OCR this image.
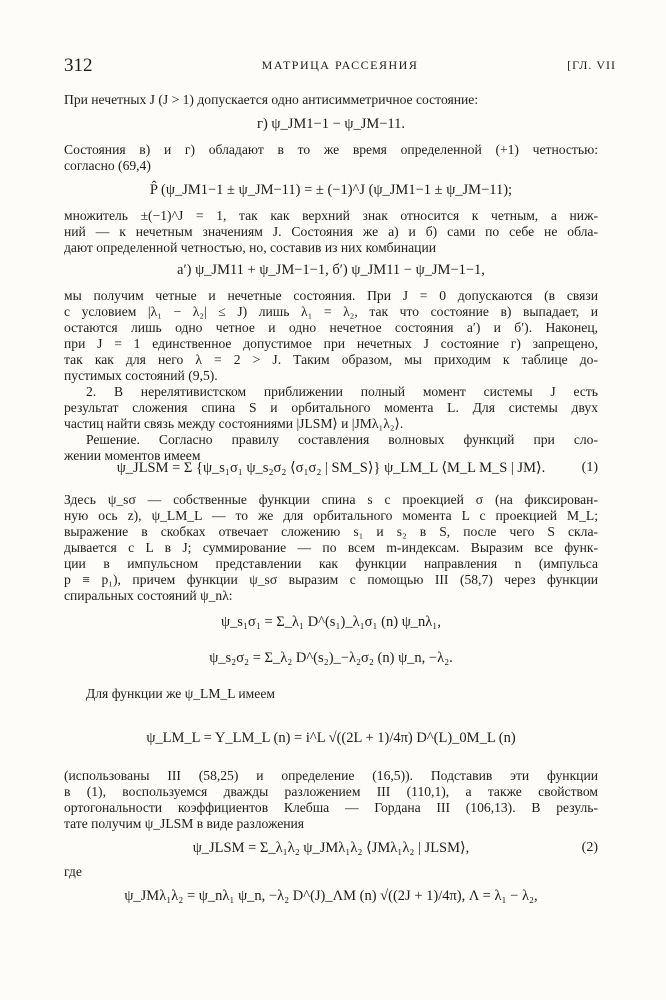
312	МАТРИЦА РАССЕЯНИЯ	[ГЛ. VII
При нечетных J (J > 1) допускается одно антисимметричное состояние:
г) ψ_JM1−1 − ψ_JM−11.
Состояния в) и г) обладают в то же время определенной (+1) четностью:
согласно (69,4)
P̂ (ψ_JM1−1 ± ψ_JM−11) = ± (−1)^J (ψ_JM1−1 ± ψ_JM−11);
множитель ±(−1)^J = 1, так как верхний знак относится к четным, а ниж-
ний — к нечетным значениям J. Состояния же а) и б) сами по себе не обла-
дают определенной четностью, но, составив из них комбинации
а′) ψ_JM11 + ψ_JM−1−1, б′) ψ_JM11 − ψ_JM−1−1,
мы получим четные и нечетные состояния. При J = 0 допускаются (в связи
с условием |λ₁ − λ₂| ≤ J) лишь λ₁ = λ₂, так что состояние в) выпадает, и
остаются лишь одно четное и одно нечетное состояния а′) и б′). Наконец,
при J = 1 единственное допустимое при нечетных J состояние г) запрещено,
так как для него λ = 2 > J. Таким образом, мы приходим к таблице до-
пустимых состояний (9,5).
2. В нерелятивистском приближении полный момент системы J есть
результат сложения спина S и орбитального момента L. Для системы двух
частиц найти связь между состояниями |JLSM⟩ и |JMλ₁λ₂⟩.
Решение. Согласно правилу составления волновых функций при сло-
жении моментов имеем
ψ_JLSM = Σ {ψ_s₁σ₁ ψ_s₂σ₂ ⟨σ₁σ₂ | SM_S⟩} ψ_LM_L ⟨M_L M_S | JM⟩.	(1)
Здесь ψ_sσ — собственные функции спина s с проекцией σ (на фиксирован-
ную ось z), ψ_LM_L — то же для орбитального момента L с проекцией M_L;
выражение в скобках отвечает сложению s₁ и s₂ в S, после чего S скла-
дывается с L в J; суммирование — по всем m-индексам. Выразим все функ-
ции в импульсном представлении как функции направления n (импульса
p ≡ p₁), причем функции ψ_sσ выразим с помощью III (58,7) через функции
спиральных состояний ψ_nλ:
ψ_s₁σ₁ = Σ_λ₁ D^(s₁)_λ₁σ₁ (n) ψ_nλ₁,
ψ_s₂σ₂ = Σ_λ₂ D^(s₂)_−λ₂σ₂ (n) ψ_n, −λ₂.
Для функции же ψ_LM_L имеем
ψ_LM_L = Y_LM_L (n) = i^L √((2L + 1)/4π) D^(L)_0M_L (n)
(использованы III (58,25) и определение (16,5)). Подставив эти функции
в (1), воспользуемся дважды разложением III (110,1), а также свойством
ортогональности коэффициентов Клебша — Гордана III (106,13). В резуль-
тате получим ψ_JLSM в виде разложения
ψ_JLSM = Σ_λ₁λ₂ ψ_JMλ₁λ₂ ⟨JMλ₁λ₂ | JLSM⟩,	(2)
где
ψ_JMλ₁λ₂ = ψ_nλ₁ ψ_n, −λ₂ D^(J)_ΛM (n) √((2J + 1)/4π), Λ = λ₁ − λ₂,
